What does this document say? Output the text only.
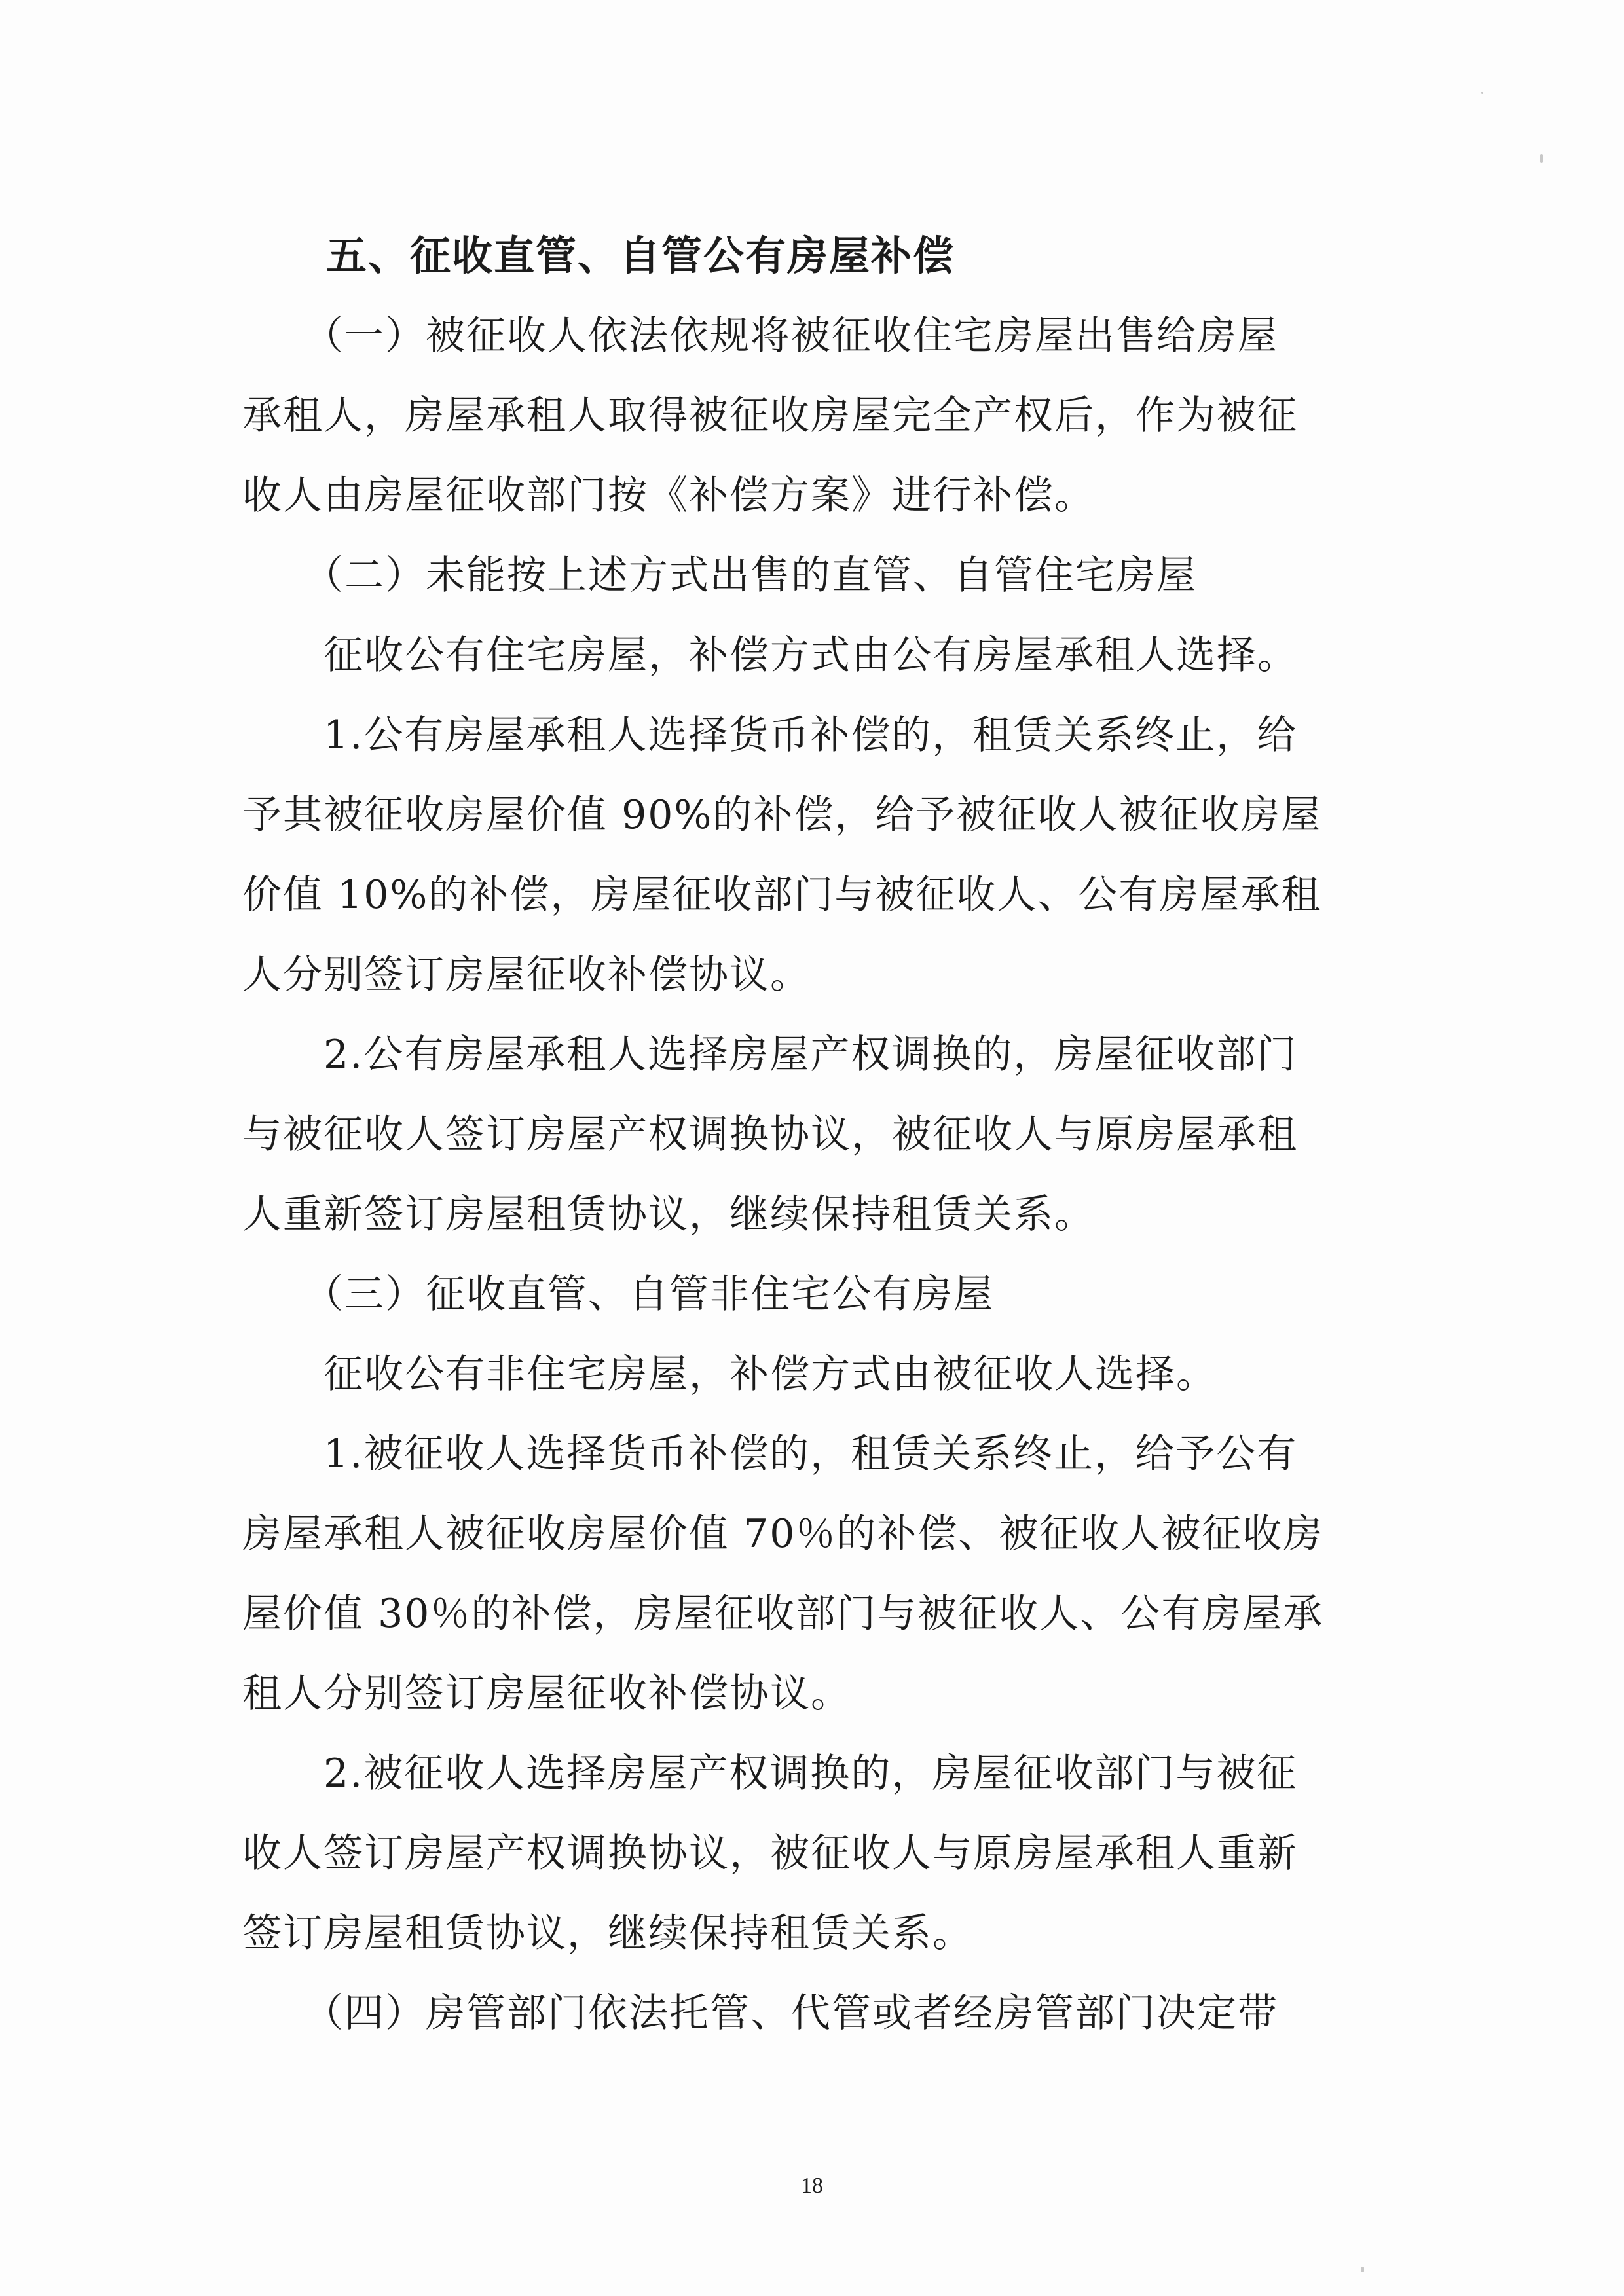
　　五、征收直管、自管公有房屋补偿
　　（一）被征收人依法依规将被征收住宅房屋出售给房屋
承租人，房屋承租人取得被征收房屋完全产权后，作为被征
收人由房屋征收部门按《补偿方案》进行补偿。
　　（二）未能按上述方式出售的直管、自管住宅房屋
　　征收公有住宅房屋，补偿方式由公有房屋承租人选择。
　　1.公有房屋承租人选择货币补偿的，租赁关系终止，给
予其被征收房屋价值 90%的补偿，给予被征收人被征收房屋
价值 10%的补偿，房屋征收部门与被征收人、公有房屋承租
人分别签订房屋征收补偿协议。
　　2.公有房屋承租人选择房屋产权调换的，房屋征收部门
与被征收人签订房屋产权调换协议，被征收人与原房屋承租
人重新签订房屋租赁协议，继续保持租赁关系。
　　（三）征收直管、自管非住宅公有房屋
　　征收公有非住宅房屋，补偿方式由被征收人选择。
　　1.被征收人选择货币补偿的，租赁关系终止，给予公有
房屋承租人被征收房屋价值 70％的补偿、被征收人被征收房
屋价值 30％的补偿，房屋征收部门与被征收人、公有房屋承
租人分别签订房屋征收补偿协议。
　　2.被征收人选择房屋产权调换的，房屋征收部门与被征
收人签订房屋产权调换协议，被征收人与原房屋承租人重新
签订房屋租赁协议，继续保持租赁关系。
　　（四）房管部门依法托管、代管或者经房管部门决定带
18
